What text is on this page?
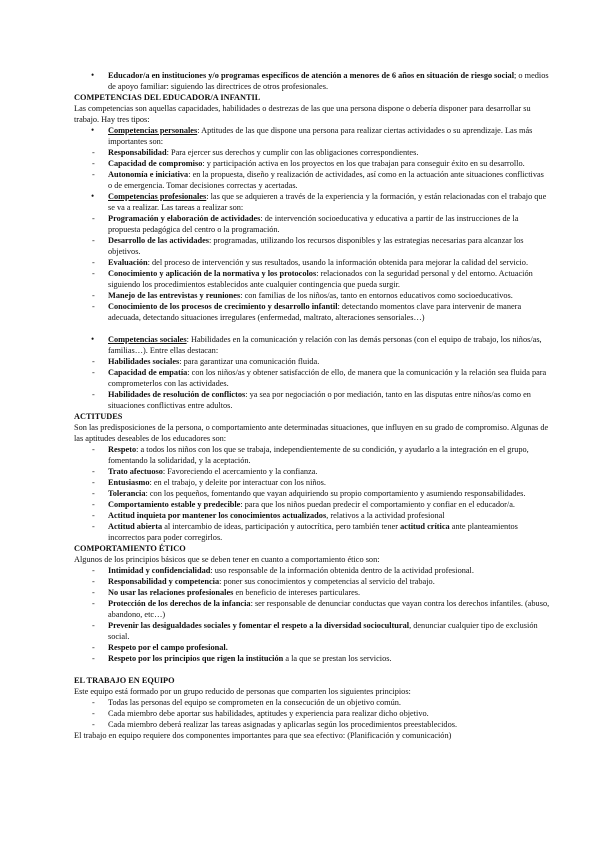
• Educador/a en instituciones y/o programas específicos de atención a menores de 6 años en situación de riesgo social; o medios de apoyo familiar: siguiendo las directrices de otros profesionales.

COMPETENCIAS DEL EDUCADOR/A INFANTIL

Las competencias son aquellas capacidades, habilidades o destrezas de las que una persona dispone o debería disponer para desarrollar su trabajo. Hay tres tipos:

• Competencias personales: Aptitudes de las que dispone una persona para realizar ciertas actividades o su aprendizaje. Las más importantes son:

- Responsabilidad: Para ejercer sus derechos y cumplir con las obligaciones correspondientes.

- Capacidad de compromiso: y participación activa en los proyectos en los que trabajan para conseguir éxito en su desarrollo.

- Autonomía e iniciativa: en la propuesta, diseño y realización de actividades, así como en la actuación ante situaciones conflictivas o de emergencia. Tomar decisiones correctas y acertadas.

• Competencias profesionales: las que se adquieren a través de la experiencia y la formación, y están relacionadas con el trabajo que se va a realizar. Las tareas a realizar son:

- Programación y elaboración de actividades: de intervención socioeducativa y educativa a partir de las instrucciones de la propuesta pedagógica del centro o la programación.

- Desarrollo de las actividades: programadas, utilizando los recursos disponibles y las estrategias necesarias para alcanzar los objetivos.

- Evaluación: del proceso de intervención y sus resultados, usando la información obtenida para mejorar la calidad del servicio.

- Conocimiento y aplicación de la normativa y los protocolos: relacionados con la seguridad personal y del entorno. Actuación siguiendo los procedimientos establecidos ante cualquier contingencia que pueda surgir.

- Manejo de las entrevistas y reuniones: con familias de los niños/as, tanto en entornos educativos como socioeducativos.

- Conocimiento de los procesos de crecimiento y desarrollo infantil: detectando momentos clave para intervenir de manera adecuada, detectando situaciones irregulares (enfermedad, maltrato, alteraciones sensoriales…)

• Competencias sociales: Habilidades en la comunicación y relación con las demás personas (con el equipo de trabajo, los niños/as, familias…). Entre ellas destacan:

- Habilidades sociales: para garantizar una comunicación fluida.

- Capacidad de empatía: con los niños/as y obtener satisfacción de ello, de manera que la comunicación y la relación sea fluida para comprometerlos con las actividades.

- Habilidades de resolución de conflictos: ya sea por negociación o por mediación, tanto en las disputas entre niños/as como en situaciones conflictivas entre adultos.

ACTITUDES

Son las predisposiciones de la persona, o comportamiento ante determinadas situaciones, que influyen en su grado de compromiso. Algunas de las aptitudes deseables de los educadores son:

- Respeto: a todos los niños con los que se trabaja, independientemente de su condición, y ayudarlo a la integración en el grupo, fomentando la solidaridad, y la aceptación.

- Trato afectuoso: Favoreciendo el acercamiento y la confianza.

- Entusiasmo: en el trabajo, y deleite por interactuar con los niños.

- Tolerancia: con los pequeños, fomentando que vayan adquiriendo su propio comportamiento y asumiendo responsabilidades.

- Comportamiento estable y predecible: para que los niños puedan predecir el comportamiento y confiar en el educador/a.

- Actitud inquieta por mantener los conocimientos actualizados, relativos a la actividad profesional

- Actitud abierta al intercambio de ideas, participación y autocrítica, pero también tener actitud crítica ante planteamientos incorrectos para poder corregirlos.

COMPORTAMIENTO ÉTICO

Algunos de los principios básicos que se deben tener en cuanto a comportamiento ético son:

- Intimidad y confidencialidad: uso responsable de la información obtenida dentro de la actividad profesional.

- Responsabilidad y competencia: poner sus conocimientos y competencias al servicio del trabajo.

- No usar las relaciones profesionales en beneficio de intereses particulares.

- Protección de los derechos de la infancia: ser responsable de denunciar conductas que vayan contra los derechos infantiles. (abuso, abandono, etc…)

- Prevenir las desigualdades sociales y fomentar el respeto a la diversidad sociocultural, denunciar cualquier tipo de exclusión social.

- Respeto por el campo profesional.

- Respeto por los principios que rigen la institución a la que se prestan los servicios.

EL TRABAJO EN EQUIPO

Este equipo está formado por un grupo reducido de personas que comparten los siguientes principios:

- Todas las personas del equipo se comprometen en la consecución de un objetivo común.

- Cada miembro debe aportar sus habilidades, aptitudes y experiencia para realizar dicho objetivo.

- Cada miembro deberá realizar las tareas asignadas y aplicarlas según los procedimientos preestablecidos.

El trabajo en equipo requiere dos componentes importantes para que sea efectivo: (Planificación y comunicación)
